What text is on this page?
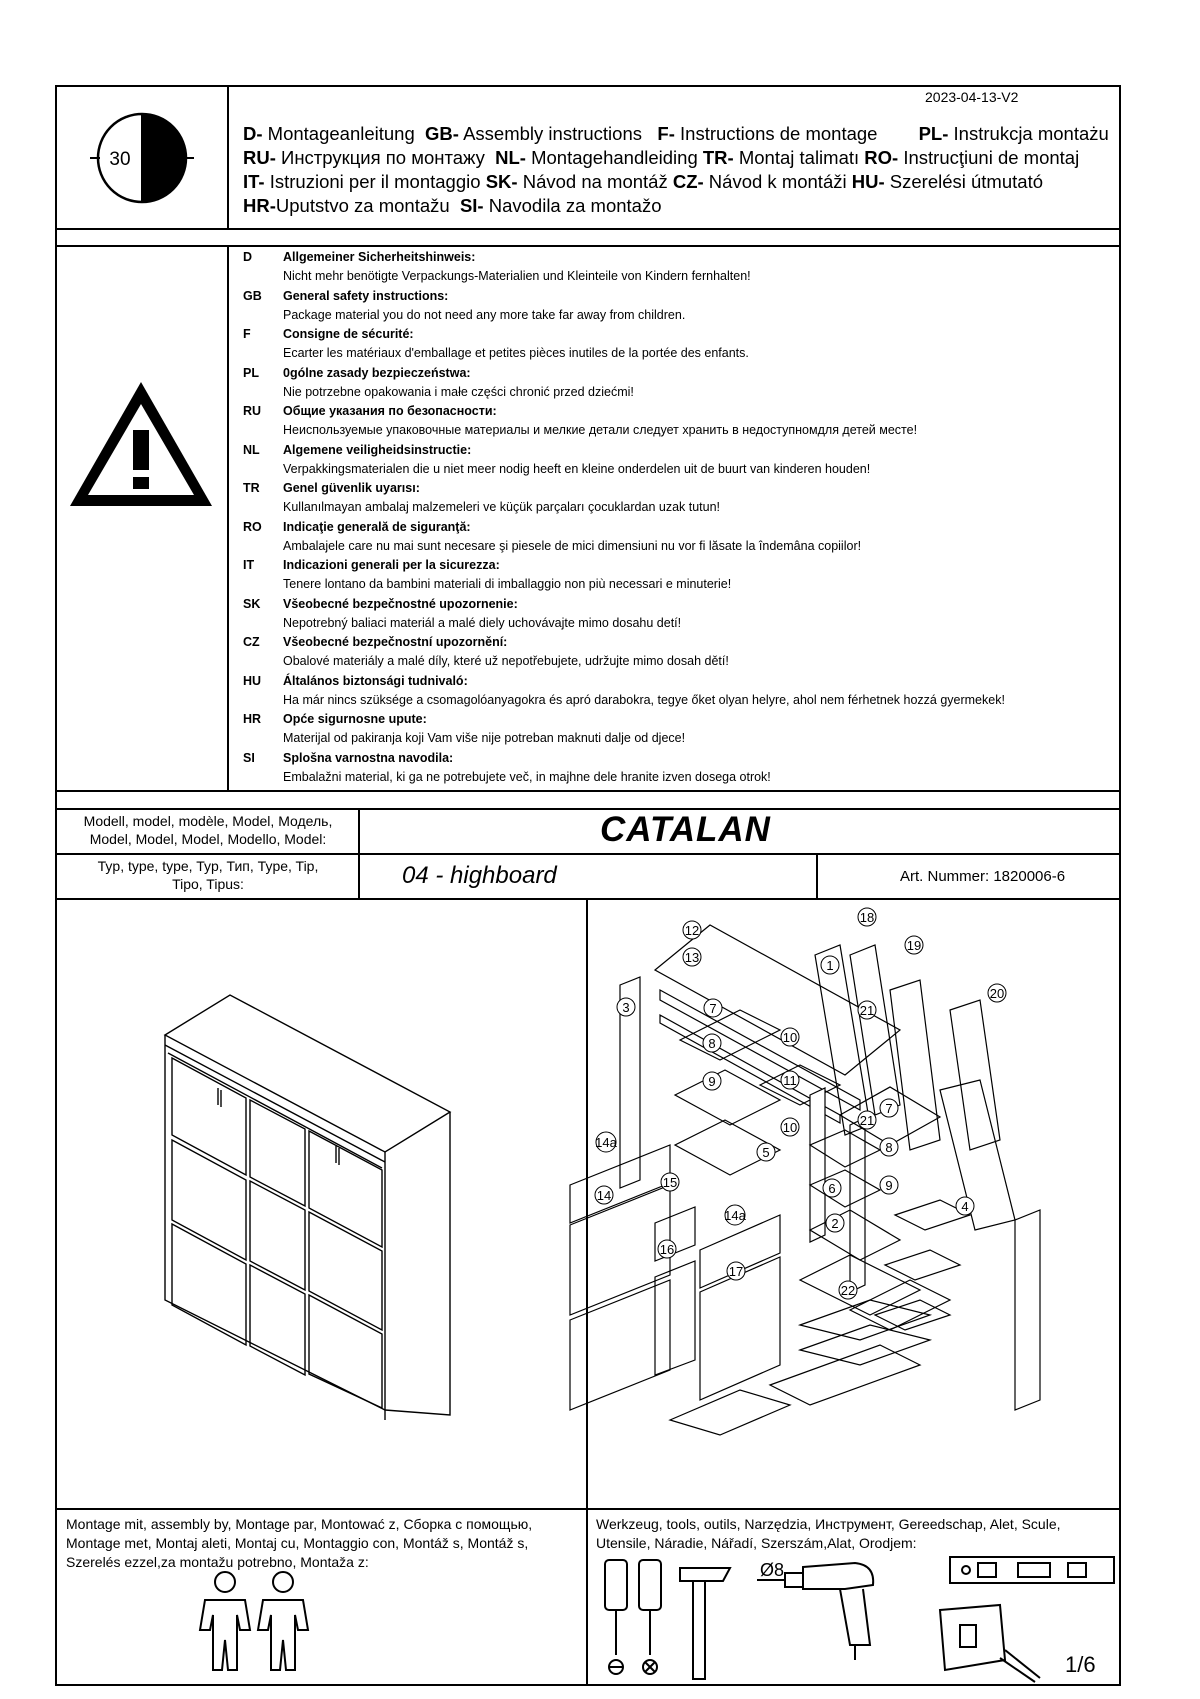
2023-04-13-V2
30
D- Montageanleitung  GB- Assembly instructions   F- Instructions de montage        PL- Instrukcja montażu
RU- Инструкция по монтажу  NL- Montagehandleiding TR- Montaj talimatı RO- Instrucţiuni de montaj
IT- Istruzioni per il montaggio SK- Návod na montáž CZ- Návod k montáži HU- Szerelési útmutató
HR-Uputstvo za montažu  SI- Navodila za montažo
D Allgemeiner Sicherheitshinweis:
Nicht mehr benötigte Verpackungs-Materialien und Kleinteile von Kindern fernhalten!
GB General safety instructions:
Package material you do not need any more take far away from children.
F	Consigne de sécurité:
Ecarter les matériaux d'emballage et petites pièces inutiles de la portée des enfants.
PL 0gólne zasady bezpieczeństwa:
Nie potrzebne opakowania i małe części chronić przed dziećmi!
RU Общие указания по безопасности:
Неиспользуемые упаковочные материалы и мелкие детали следует хранить в недоступномдля детей месте!
NL Algemene veiligheidsinstructie:
Verpakkingsmaterialen die u niet meer nodig heeft en kleine onderdelen uit de buurt van kinderen houden!
TR Genel güvenlik uyarısı:
Kullanılmayan ambalaj malzemeleri ve küçük parçaları çocuklardan uzak tutun!
RO Indicaţie generală de siguranţă:
Ambalajele care nu mai sunt necesare şi piesele de mici dimensiuni nu vor fi lăsate la îndemâna copiilor!
IT Indicazioni generali per la sicurezza:
Tenere lontano da bambini materiali di imballaggio non più necessari e minuterie!
SK Všeobecné bezpečnostné upozornenie:
Nepotrebný baliaci materiál a malé diely uchovávajte mimo dosahu detí!
CZ Všeobecné bezpečnostní upozornění:
Obalové materiály a malé díly, které už nepotřebujete, udržujte mimo dosah dětí!
HU Általános biztonsági tudnivaló:
Ha már nincs szüksége a csomagolóanyagokra és apró darabokra, tegye őket olyan helyre, ahol nem férhetnek hozzá gyermekek!
HR Opće sigurnosne upute:
Materijal od pakiranja koji Vam više nije potreban maknuti dalje od djece!
SI Splošna varnostna navodila:
Embalažni material, ki ga ne potrebujete več, in majhne dele hranite izven dosega otrok!
Modell, model, modèle, Model, Модель,
Model, Model, Model, Modello, Model:	CATALAN
Typ, type, type, Typ, Тип, Type, Tip,
Tipo, Tipus:	04 - highboard	Art. Nummer: 1820006-6
18
19
20
21
21
12
13
1
3	7
8
9
10
11
10
5
6
2
7
8
9
4
14a
14
15
16
14a
17
22
Montage mit, assembly by, Montage par, Montować z, Сборка с помощью,
Montage met, Montaj aleti, Montaj cu, Montaggio con, Montáž s, Montáž s,
Szerelés ezzel,za montažu potrebno, Montaža z:
Werkzeug, tools, outils, Narzędzia, Инструмент, Gereedschap, Alet, Scule,
Utensile, Náradie, Nářadí, Szerszám,Alat, Orodjem:
Ø8
1/6
